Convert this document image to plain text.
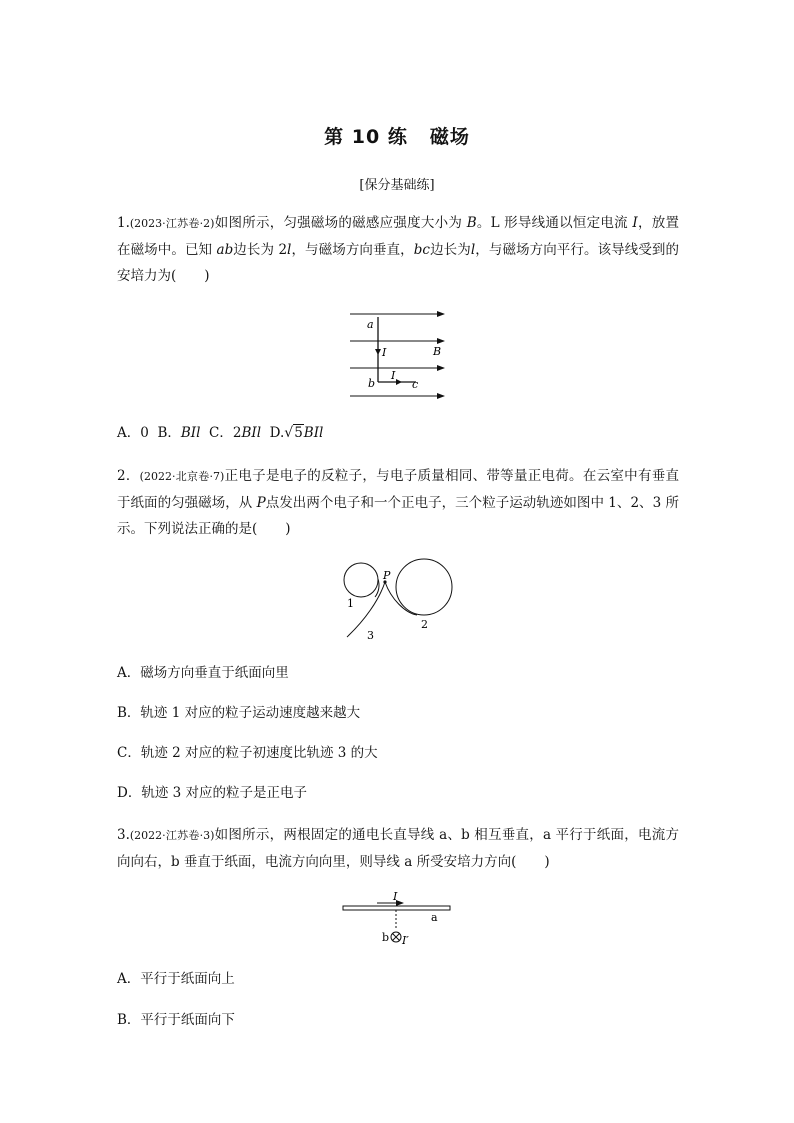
第 10 练 磁场
[保分基础练]
1.(2023·江苏卷·2)如图所示，匀强磁场的磁感应强度大小为 B。L 形导线通以恒定电流 I，放置在磁场中。已知 ab边长为 2l，与磁场方向垂直，bc边长为l，与磁场方向平行。该导线受到的安培力为( )
a
I	B
b
I
c
A．0 B．BIl C．2BIl D.√5BIl
2．(2022·北京卷·7)正电子是电子的反粒子，与电子质量相同、带等量正电荷。在云室中有垂直于纸面的匀强磁场，从 P点发出两个电子和一个正电子，三个粒子运动轨迹如图中 1、2、3 所示。下列说法正确的是( )
P
1
2
3
A．磁场方向垂直于纸面向里
B．轨迹 1 对应的粒子运动速度越来越大
C．轨迹 2 对应的粒子初速度比轨迹 3 的大
D．轨迹 3 对应的粒子是正电子
3.(2022·江苏卷·3)如图所示，两根固定的通电长直导线 a、b 相互垂直，a 平行于纸面，电流方向向右，b 垂直于纸面，电流方向向里，则导线 a 所受安培力方向( )
I
a
b I′
A．平行于纸面向上
B．平行于纸面向下
